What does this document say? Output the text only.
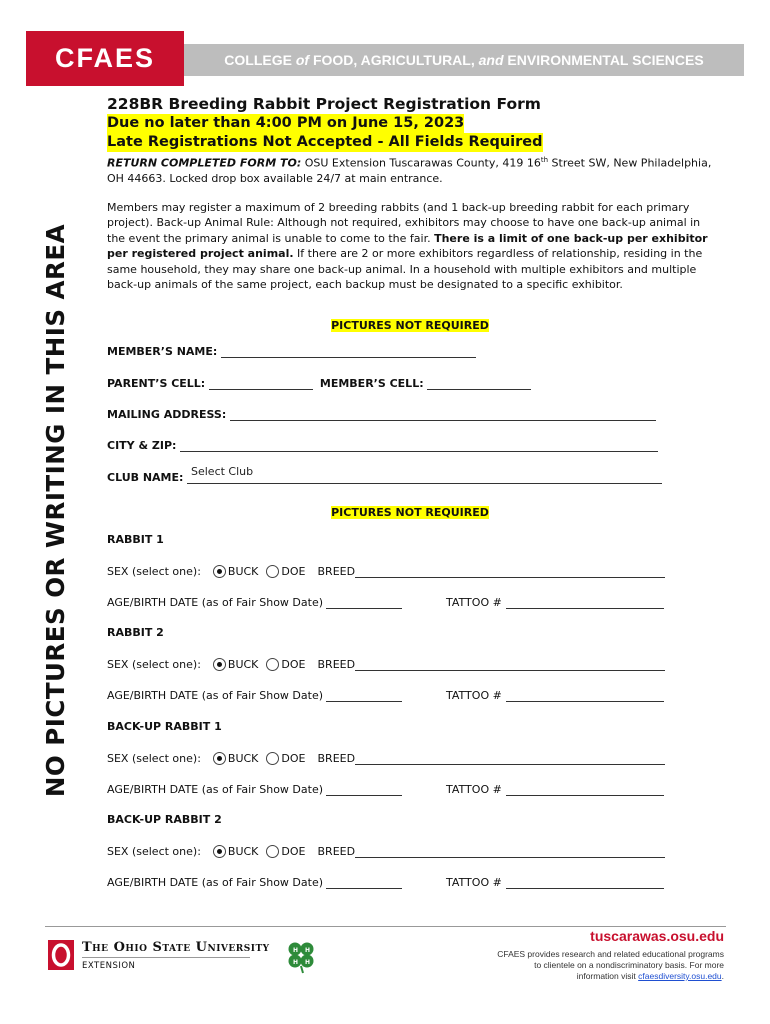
CFAES	COLLEGE
of
FOOD, AGRICULTURAL,
and
ENVIRONMENTAL SCIENCES
NO PICTURES OR WRITING IN THIS AREA
228BR Breeding Rabbit Project Registration Form
Due no later than 4:00 PM on June 15, 2023
Late Registrations Not Accepted - All Fields Required
RETURN COMPLETED FORM TO: OSU Extension Tuscarawas County, 419 16th Street SW, New Philadelphia, OH 44663. Locked drop box available 24/7 at main entrance.
Members may register a maximum of 2 breeding rabbits (and 1 back-up breeding rabbit for each primary project). Back-up Animal Rule: Although not required, exhibitors may choose to have one back-up animal in the event the primary animal is unable to come to the fair. There is a limit of one back-up per exhibitor per registered project animal. If there are 2 or more exhibitors regardless of relationship, residing in the same household, they may share one back-up animal. In a household with multiple exhibitors and multiple back-up animals of the same project, each backup must be designated to a specific exhibitor.
PICTURES NOT REQUIRED
MEMBER’S NAME:
PARENT’S CELL:	MEMBER’S CELL:
MAILING ADDRESS:
CITY & ZIP:
CLUB NAME: Select Club
PICTURES NOT REQUIRED
RABBIT 1
SEX (select one): BUCK DOE BREED
AGE/BIRTH DATE (as of Fair Show Date)	TATTOO #
RABBIT 2
SEX (select one): BUCK DOE BREED
AGE/BIRTH DATE (as of Fair Show Date)	TATTOO #
BACK-UP RABBIT 1
SEX (select one): BUCK DOE BREED
AGE/BIRTH DATE (as of Fair Show Date)	TATTOO #
BACK-UP RABBIT 2
SEX (select one): BUCK DOE BREED
AGE/BIRTH DATE (as of Fair Show Date)	TATTOO #
The Ohio State University
EXTENSION
H H
H H
tuscarawas.osu.edu
CFAES provides research and related educational programs to clientele on a nondiscriminatory basis. For more information visit cfaesdiversity.osu.edu.
